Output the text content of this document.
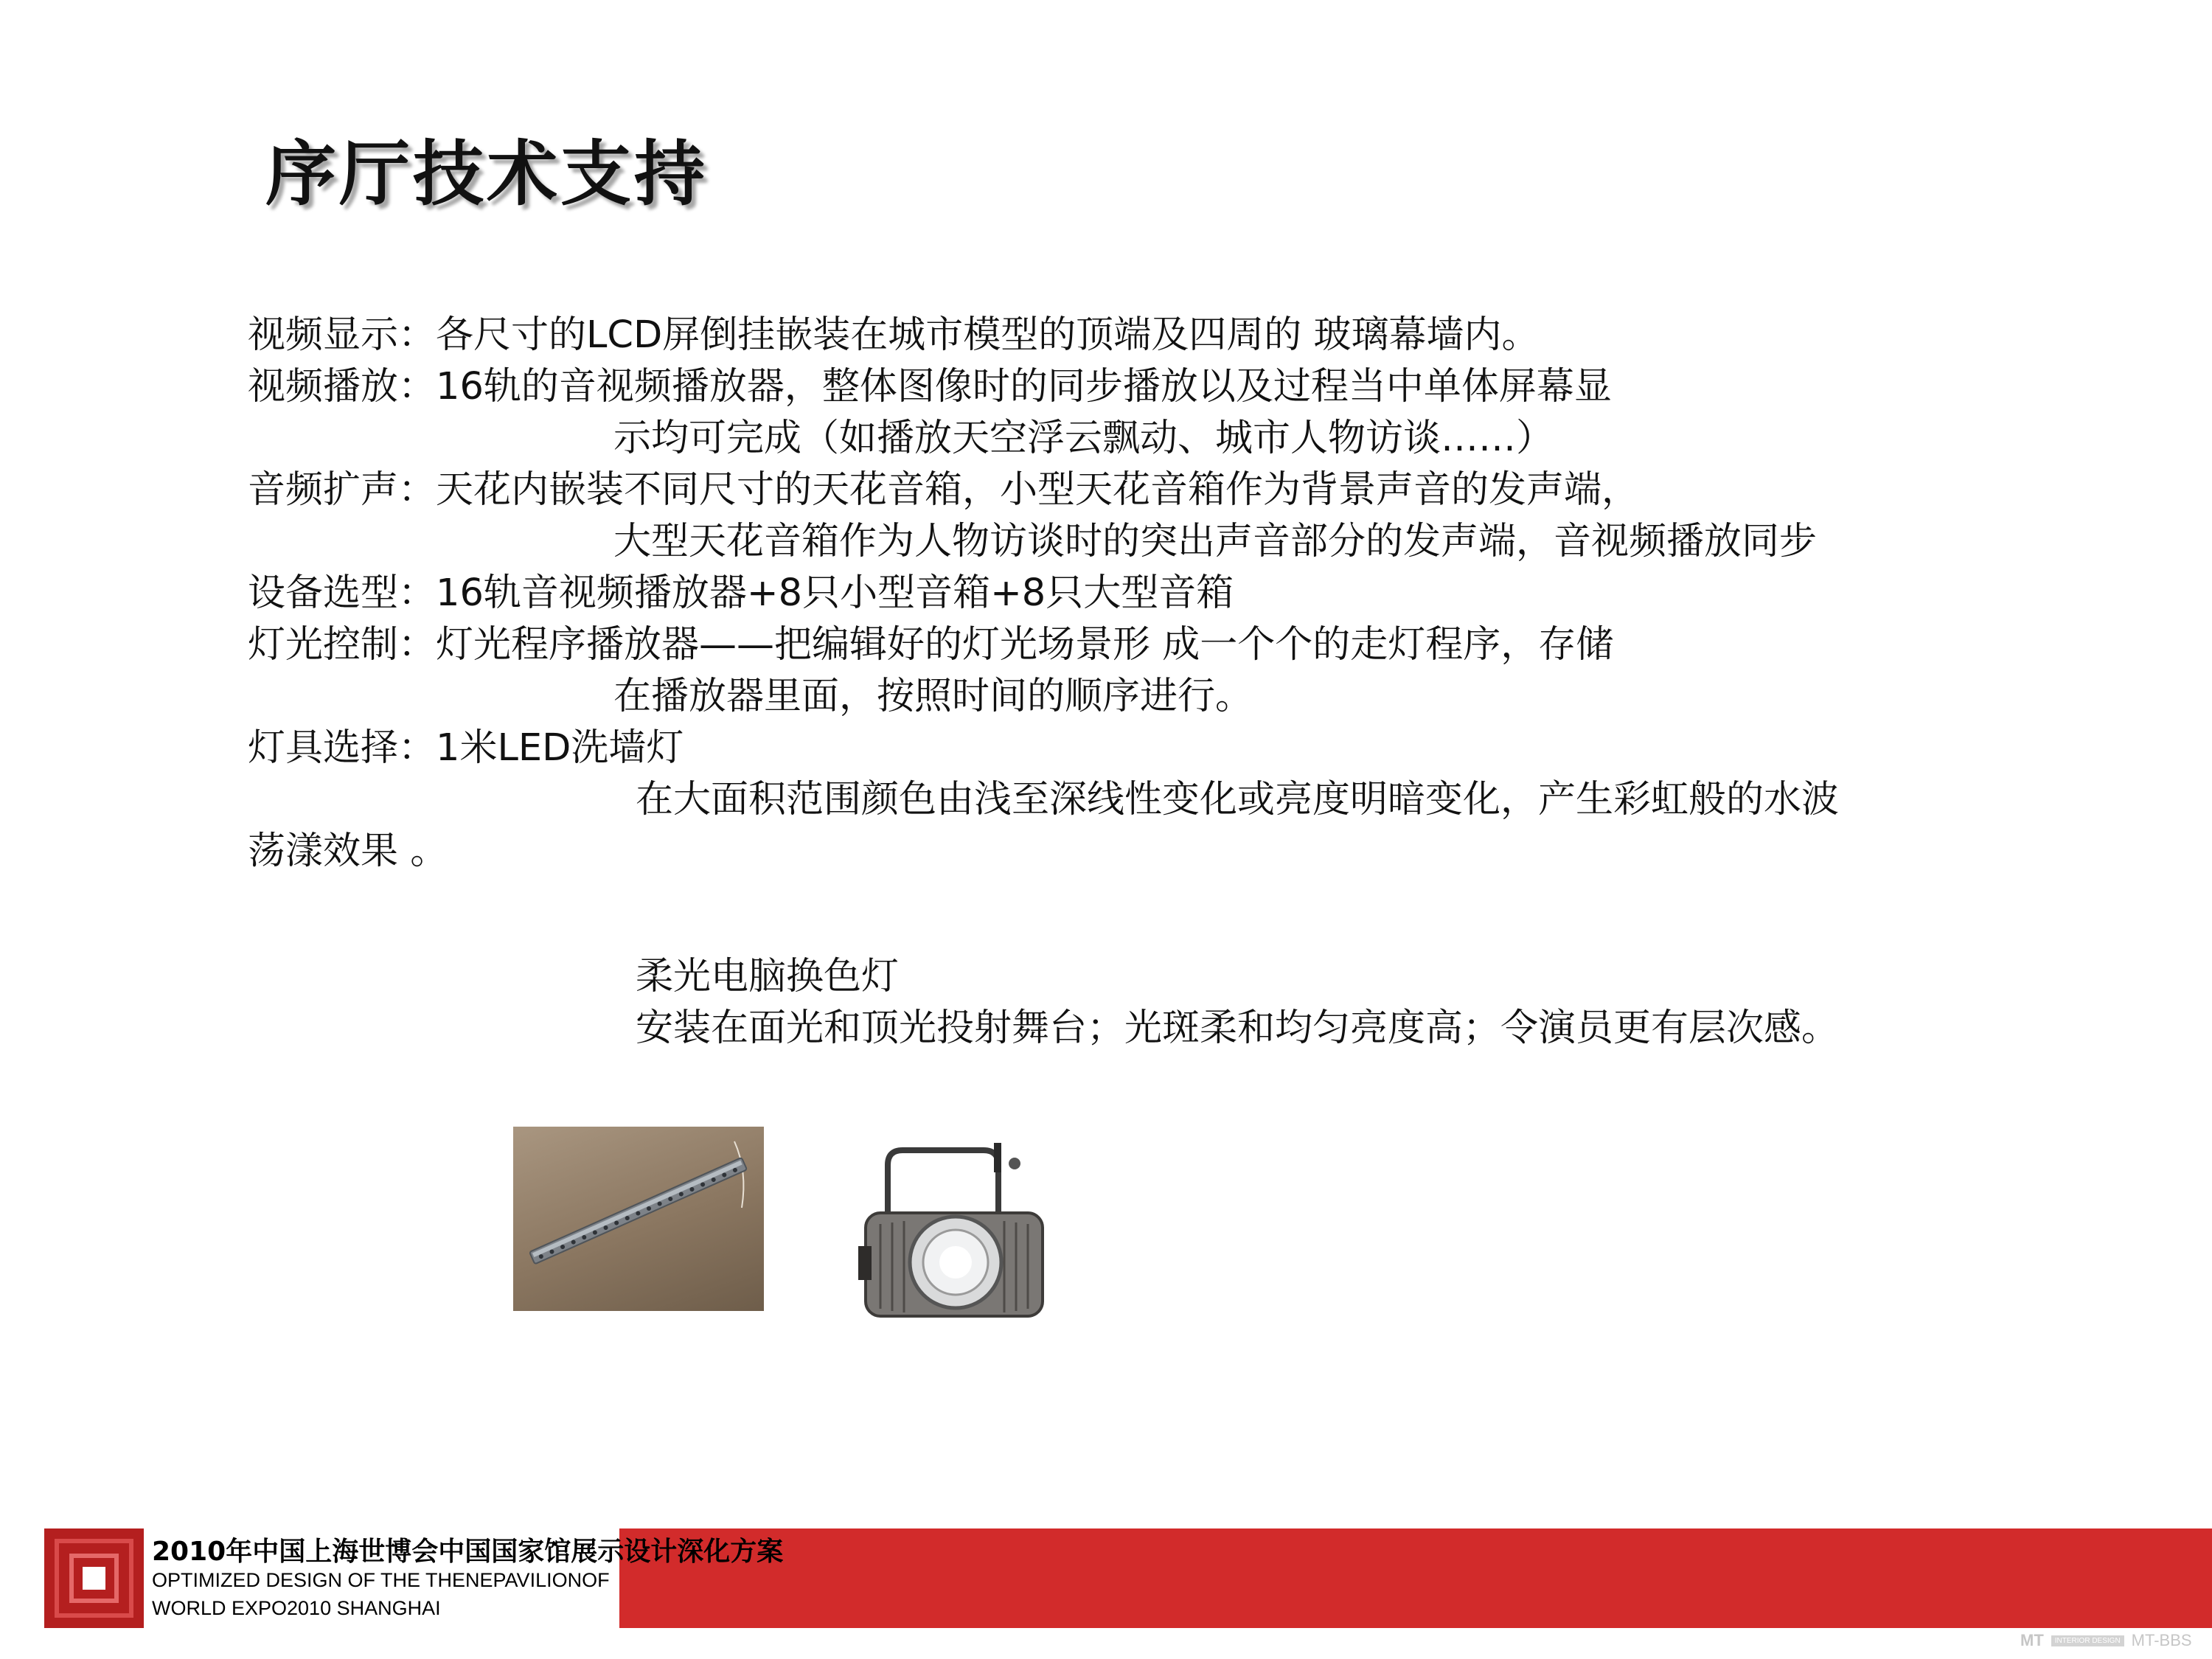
序厅技术支持
视频显示：各尺寸的LCD屏倒挂嵌装在城市模型的顶端及四周的 玻璃幕墙内。
视频播放：16轨的音视频播放器，整体图像时的同步播放以及过程当中单体屏幕显
示均可完成（如播放天空浮云飘动、城市人物访谈……）
音频扩声：天花内嵌装不同尺寸的天花音箱，小型天花音箱作为背景声音的发声端，
大型天花音箱作为人物访谈时的突出声音部分的发声端，音视频播放同步
设备选型：16轨音视频播放器+8只小型音箱+8只大型音箱
灯光控制：灯光程序播放器——把编辑好的灯光场景形 成一个个的走灯程序，存储
在播放器里面，按照时间的顺序进行。
灯具选择：1米LED洗墙灯
在大面积范围颜色由浅至深线性变化或亮度明暗变化，产生彩虹般的水波
荡漾效果 。
柔光电脑换色灯
安装在面光和顶光投射舞台；光斑柔和均匀亮度高；令演员更有层次感。
2010年中国上海世博会中国国家馆展示设计深化方案
OPTIMIZED DESIGN OF THE THENEPAVILIONOF
WORLD EXPO2010 SHANGHAI
MT	INTERIOR DESIGN MT-BBS
